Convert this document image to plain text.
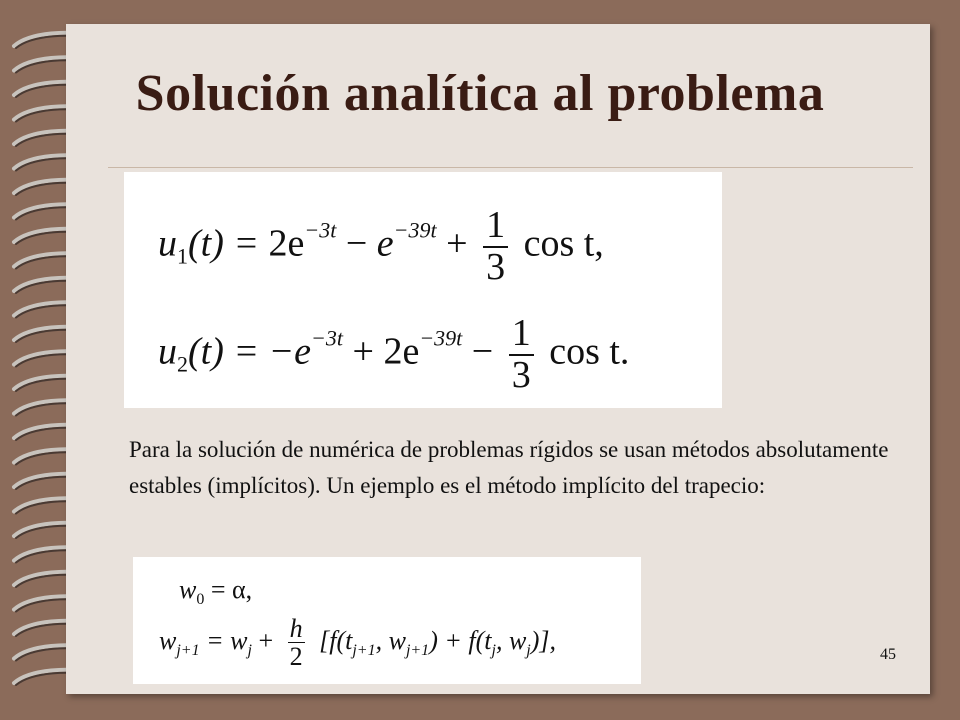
Solución analítica al problema
$u_1(t) = 2e^{-3t} - e^{-39t} + \frac{1}{3}$ cos t,
$u_2(t) = -e^{-3t} + 2e^{-39t} - \frac{1}{3}$ cos t.
Para la solución de numérica de problemas rígidos se usan métodos absolutamente estables (implícitos). Un ejemplo es el método implícito del trapecio:
$w_0 = \alpha$,
$w_{j+1} = w_j + \frac{h}{2} [f(t_{j+1}$, $w_{j+1}) + f(t_j$, $w_j$)],	45
